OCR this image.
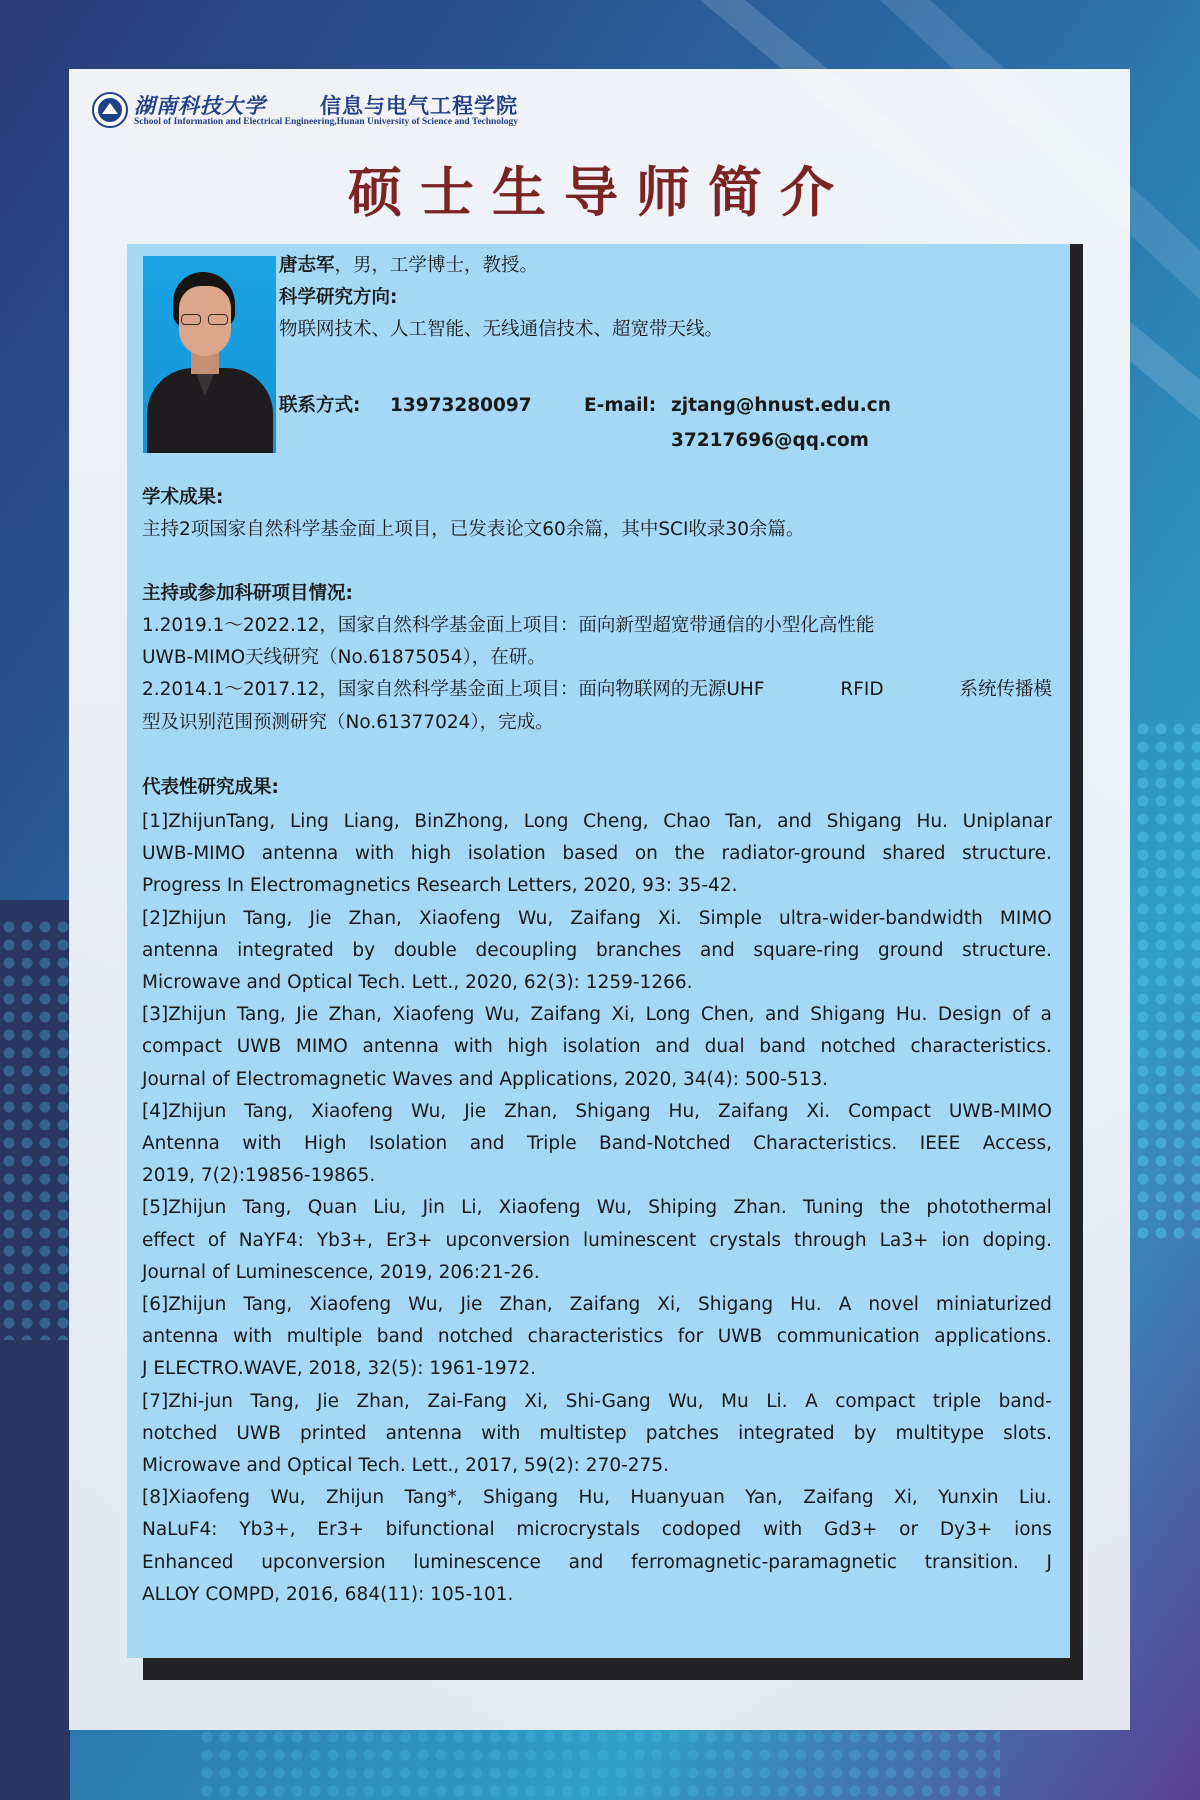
湖南科技大学	信息与电气工程学院
School of Information and Electrical Engineering,Hunan University of Science and Technology
硕士生导师简介
唐志军，男，工学博士，教授。
科学研究方向:
物联网技术、人工智能、无线通信技术、超宽带天线。
联系方式: 13973280097	E-mail: zjtang@hnust.edu.cn
37217696@qq.com
学术成果:
主持2项国家自然科学基金面上项目，已发表论文60余篇，其中SCI收录30余篇。
主持或参加科研项目情况:
1.2019.1～2022.12，国家自然科学基金面上项目：面向新型超宽带通信的小型化高性能
UWB-MIMO天线研究（No.61875054），在研。
2.2014.1～2017.12，国家自然科学基金面上项目：面向物联网的无源UHF	RFID	系统传播模
型及识别范围预测研究（No.61377024），完成。
代表性研究成果:
[1]ZhijunTang, Ling Liang, BinZhong, Long Cheng, Chao Tan, and Shigang Hu. Uniplanar
UWB-MIMO antenna with high isolation based on the radiator-ground shared structure.
Progress In Electromagnetics Research Letters, 2020, 93: 35-42.
[2]Zhijun Tang, Jie Zhan, Xiaofeng Wu, Zaifang Xi. Simple ultra-wider-bandwidth MIMO
antenna integrated by double decoupling branches and square-ring ground structure.
Microwave and Optical Tech. Lett., 2020, 62(3): 1259-1266.
[3]Zhijun Tang, Jie Zhan, Xiaofeng Wu, Zaifang Xi, Long Chen, and Shigang Hu. Design of a
compact UWB MIMO antenna with high isolation and dual band notched characteristics.
Journal of Electromagnetic Waves and Applications, 2020, 34(4): 500-513.
[4]Zhijun Tang, Xiaofeng Wu, Jie Zhan, Shigang Hu, Zaifang Xi. Compact UWB-MIMO
Antenna with High Isolation and Triple Band-Notched Characteristics. IEEE Access,
2019, 7(2):19856-19865.
[5]Zhijun Tang, Quan Liu, Jin Li, Xiaofeng Wu, Shiping Zhan. Tuning the photothermal
effect of NaYF4: Yb3+, Er3+ upconversion luminescent crystals through La3+ ion doping.
Journal of Luminescence, 2019, 206:21-26.
[6]Zhijun Tang, Xiaofeng Wu, Jie Zhan, Zaifang Xi, Shigang Hu. A novel miniaturized
antenna with multiple band notched characteristics for UWB communication applications.
J ELECTRO.WAVE, 2018, 32(5): 1961-1972.
[7]Zhi-jun Tang, Jie Zhan, Zai-Fang Xi, Shi-Gang Wu, Mu Li. A compact triple band-
notched UWB printed antenna with multistep patches integrated by multitype slots.
Microwave and Optical Tech. Lett., 2017, 59(2): 270-275.
[8]Xiaofeng Wu, Zhijun Tang*, Shigang Hu, Huanyuan Yan, Zaifang Xi, Yunxin Liu.
NaLuF4: Yb3+, Er3+ bifunctional microcrystals codoped with Gd3+ or Dy3+ ions
Enhanced upconversion luminescence and ferromagnetic-paramagnetic transition. J
ALLOY COMPD, 2016, 684(11): 105-101.
